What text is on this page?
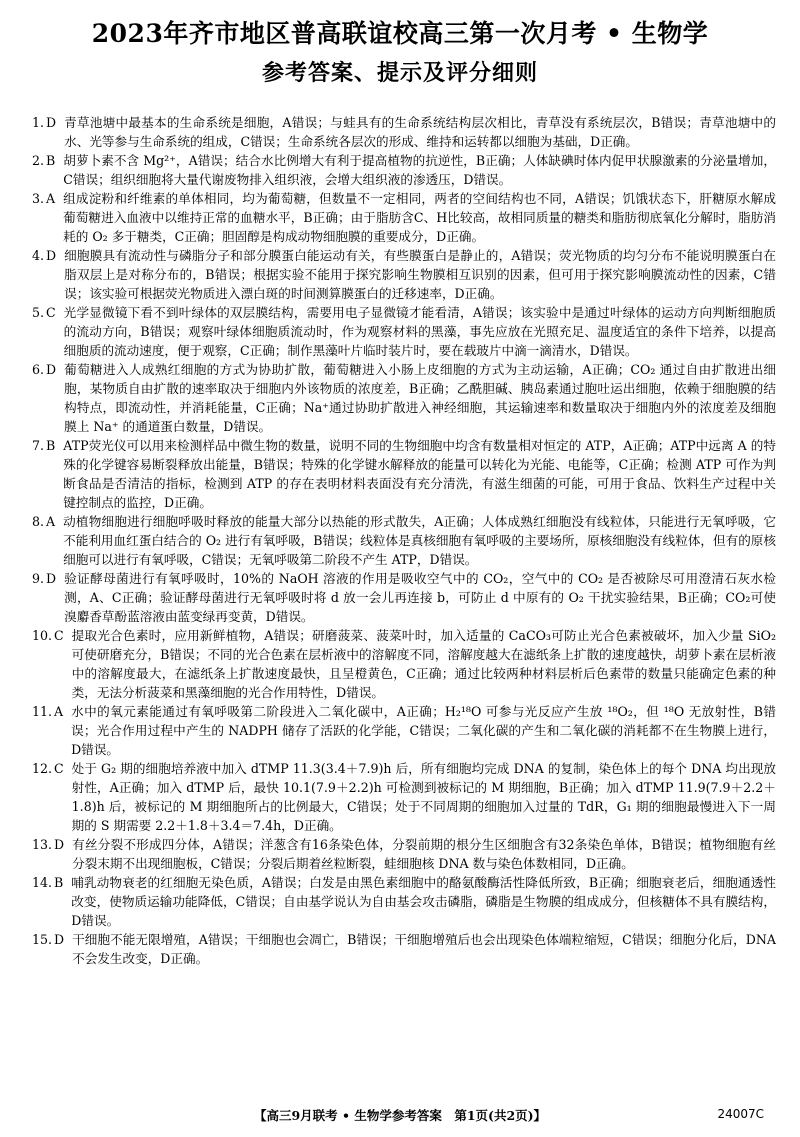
2023年齐市地区普高联谊校高三第一次月考 • 生物学
参考答案、提示及评分细则
1. D 青草池塘中最基本的生命系统是细胞，A错误；与蛙具有的生命系统结构层次相比，青草没有系统层次，B错误；青草池塘中的水、光等参与生命系统的组成，C错误；生命系统各层次的形成、维持和运转都以细胞为基础，D正确。
2. B 胡萝卜素不含 Mg²⁺，A错误；结合水比例增大有利于提高植物的抗逆性，B正确；人体缺碘时体内促甲状腺激素的分泌量增加，C错误；组织细胞将大量代谢废物排入组织液，会增大组织液的渗透压，D错误。
3. A 组成淀粉和纤维素的单体相同，均为葡萄糖，但数量不一定相同，两者的空间结构也不同，A错误；饥饿状态下，肝糖原水解成葡萄糖进入血液中以维持正常的血糖水平，B正确；由于脂肪含C、H比较高，故相同质量的糖类和脂肪彻底氧化分解时，脂肪消耗的 O₂ 多于糖类，C正确；胆固醇是构成动物细胞膜的重要成分，D正确。
4. D 细胞膜具有流动性与磷脂分子和部分膜蛋白能运动有关，有些膜蛋白是静止的，A错误；荧光物质的均匀分布不能说明膜蛋白在脂双层上是对称分布的，B错误；根据实验不能用于探究影响生物膜相互识别的因素，但可用于探究影响膜流动性的因素，C错误；该实验可根据荧光物质进入漂白斑的时间测算膜蛋白的迁移速率，D正确。
5. C 光学显微镜下看不到叶绿体的双层膜结构，需要用电子显微镜才能看清，A错误；该实验中是通过叶绿体的运动方向判断细胞质的流动方向，B错误；观察叶绿体细胞质流动时，作为观察材料的黑藻，事先应放在光照充足、温度适宜的条件下培养，以提高细胞质的流动速度，便于观察，C正确；制作黑藻叶片临时装片时，要在载玻片中滴一滴清水，D错误。
6. D 葡萄糖进入人成熟红细胞的方式为协助扩散，葡萄糖进入小肠上皮细胞的方式为主动运输，A正确；CO₂ 通过自由扩散进出细胞，某物质自由扩散的速率取决于细胞内外该物质的浓度差，B正确；乙酰胆碱、胰岛素通过胞吐运出细胞，依赖于细胞膜的结构特点，即流动性，并消耗能量，C正确；Na⁺通过协助扩散进入神经细胞，其运输速率和数量取决于细胞内外的浓度差及细胞膜上 Na⁺ 的通道蛋白数量，D错误。
7. B ATP荧光仪可以用来检测样品中微生物的数量，说明不同的生物细胞中均含有数量相对恒定的 ATP，A正确；ATP中远离 A 的特殊的化学键容易断裂释放出能量，B错误；特殊的化学键水解释放的能量可以转化为光能、电能等，C正确；检测 ATP 可作为判断食品是否清洁的指标，检测到 ATP 的存在表明材料表面没有充分清洗，有滋生细菌的可能，可用于食品、饮料生产过程中关键控制点的监控，D正确。
8. A 动植物细胞进行细胞呼吸时释放的能量大部分以热能的形式散失，A正确；人体成熟红细胞没有线粒体，只能进行无氧呼吸，它不能利用血红蛋白结合的 O₂ 进行有氧呼吸，B错误；线粒体是真核细胞有氧呼吸的主要场所，原核细胞没有线粒体，但有的原核细胞可以进行有氧呼吸，C错误；无氧呼吸第二阶段不产生 ATP，D错误。
9. D 验证酵母菌进行有氧呼吸时，10%的 NaOH 溶液的作用是吸收空气中的 CO₂，空气中的 CO₂ 是否被除尽可用澄清石灰水检测，A、C正确；验证酵母菌进行无氧呼吸时将 d 放一会儿再连接 b，可防止 d 中原有的 O₂ 干扰实验结果，B正确；CO₂可使溴麝香草酚蓝溶液由蓝变绿再变黄，D错误。
10. C 提取光合色素时，应用新鲜植物，A错误；研磨菠菜、菠菜叶时，加入适量的 CaCO₃可防止光合色素被破坏，加入少量 SiO₂ 可使研磨充分，B错误；不同的光合色素在层析液中的溶解度不同，溶解度越大在滤纸条上扩散的速度越快，胡萝卜素在层析液中的溶解度最大，在滤纸条上扩散速度最快，且呈橙黄色，C正确；通过比较两种材料层析后色素带的数量只能确定色素的种类，无法分析菠菜和黑藻细胞的光合作用特性，D错误。
11. A 水中的氧元素能通过有氧呼吸第二阶段进入二氧化碳中，A正确；H₂¹⁸O 可参与光反应产生放 ¹⁸O₂，但 ¹⁸O 无放射性，B错误；光合作用过程中产生的 NADPH 储存了活跃的化学能，C错误；二氧化碳的产生和二氧化碳的消耗都不在生物膜上进行，D错误。
12. C 处于 G₂ 期的细胞培养液中加入 dTMP 11.3(3.4＋7.9)h 后，所有细胞均完成 DNA 的复制，染色体上的每个 DNA 均出现放射性，A正确；加入 dTMP 后，最快 10.1(7.9＋2.2)h 可检测到被标记的 M 期细胞，B正确；加入 dTMP 11.9(7.9＋2.2＋1.8)h 后，被标记的 M 期细胞所占的比例最大，C错误；处于不同周期的细胞加入过量的 TdR，G₁ 期的细胞最慢进入下一周期的 S 期需要 2.2＋1.8＋3.4＝7.4h，D正确。
13. D 有丝分裂不形成四分体，A错误；洋葱含有16条染色体，分裂前期的根分生区细胞含有32条染色单体，B错误；植物细胞有丝分裂末期不出现细胞板，C错误；分裂后期着丝粒断裂，蛙细胞核 DNA 数与染色体数相同，D正确。
14. B 哺乳动物衰老的红细胞无染色质，A错误；白发是由黑色素细胞中的酪氨酸酶活性降低所致，B正确；细胞衰老后，细胞通透性改变，使物质运输功能降低，C错误；自由基学说认为自由基会攻击磷脂，磷脂是生物膜的组成成分，但核糖体不具有膜结构，D错误。
15. D 干细胞不能无限增殖，A错误；干细胞也会凋亡，B错误；干细胞增殖后也会出现染色体端粒缩短，C错误；细胞分化后，DNA 不会发生改变，D正确。
【高三9月联考 • 生物学参考答案　第1页(共2页)】	24007C
